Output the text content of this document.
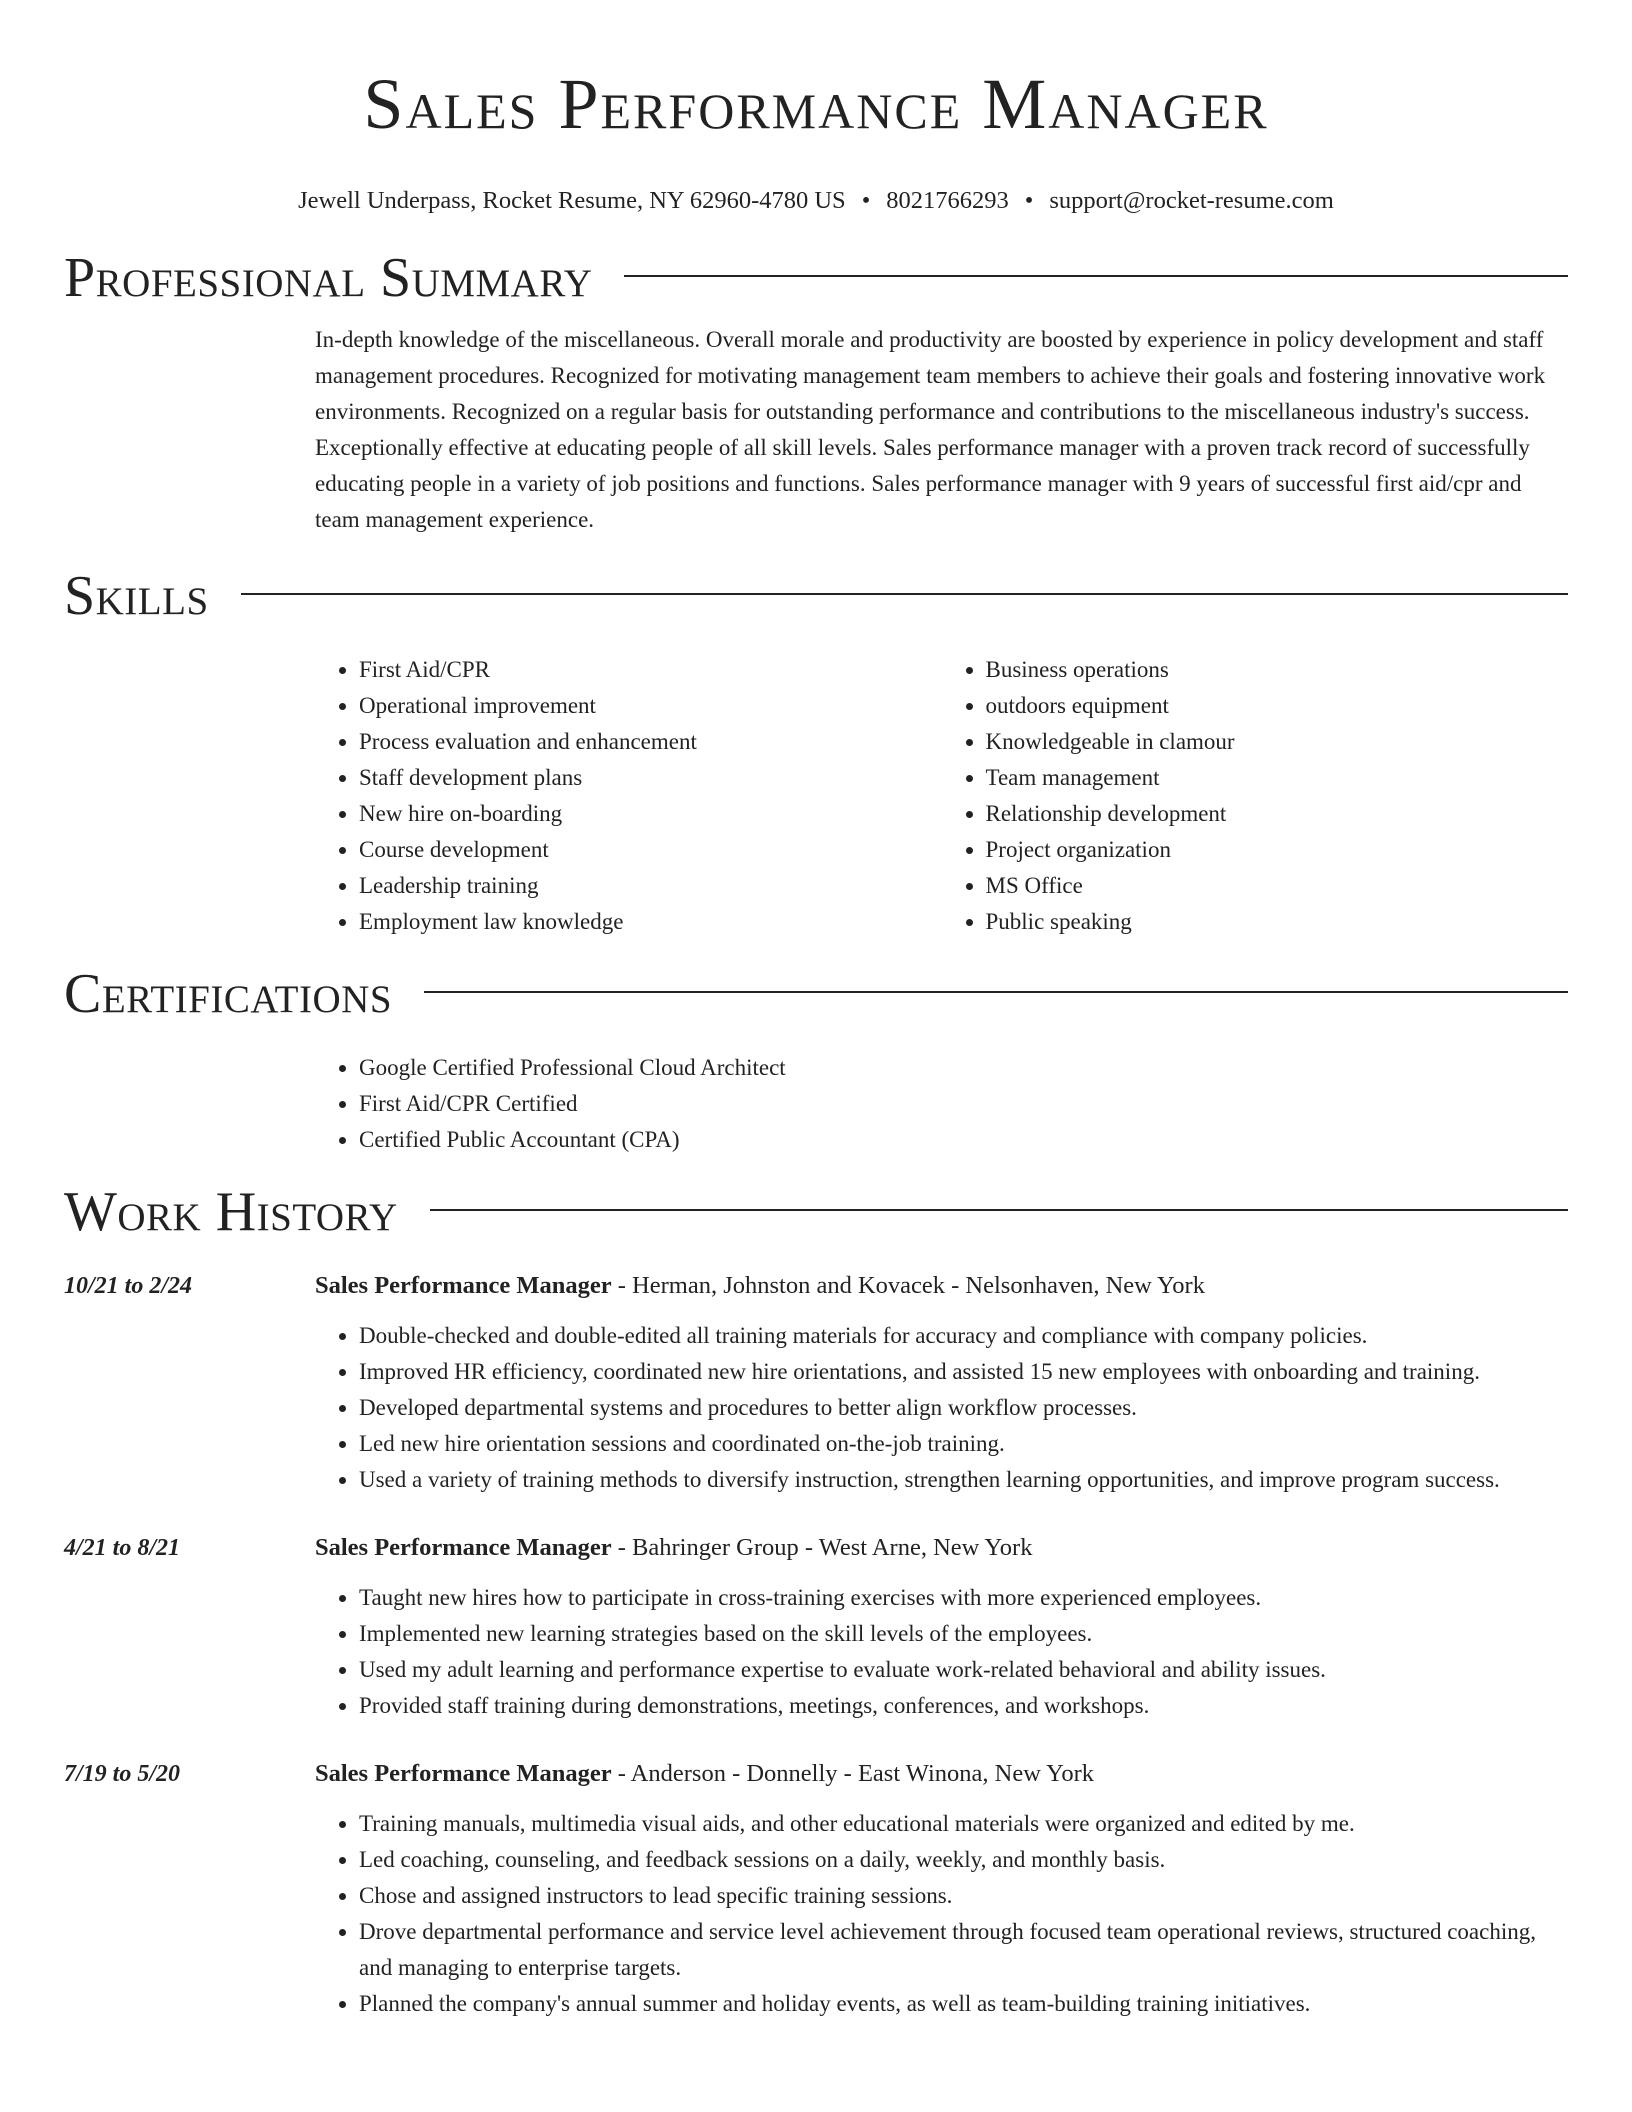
Sales Performance Manager
Jewell Underpass, Rocket Resume, NY 62960-4780 US • 8021766293 • support@rocket-resume.com
Professional Summary

In-depth knowledge of the miscellaneous. Overall morale and productivity are boosted by experience in policy development and staff management procedures. Recognized for motivating management team members to achieve their goals and fostering innovative work environments. Recognized on a regular basis for outstanding performance and contributions to the miscellaneous industry's success. Exceptionally effective at educating people of all skill levels. Sales performance manager with a proven track record of successfully educating people in a variety of job positions and functions. Sales performance manager with 9 years of successful first aid/cpr and team management experience.

Skills
• First Aid/CPR
• Operational improvement
• Process evaluation and enhancement
• Staff development plans
• New hire on-boarding
• Course development
• Leadership training
• Employment law knowledge
• Business operations
• outdoors equipment
• Knowledgeable in clamour
• Team management
• Relationship development
• Project organization
• MS Office
• Public speaking
Certifications
• Google Certified Professional Cloud Architect
• First Aid/CPR Certified
• Certified Public Accountant (CPA)
Work History
10/21 to 2/24	Sales Performance Manager - Herman, Johnston and Kovacek - Nelsonhaven, New York
• Double-checked and double-edited all training materials for accuracy and compliance with company policies.
• Improved HR efficiency, coordinated new hire orientations, and assisted 15 new employees with onboarding and training.
• Developed departmental systems and procedures to better align workflow processes.
• Led new hire orientation sessions and coordinated on-the-job training.
• Used a variety of training methods to diversify instruction, strengthen learning opportunities, and improve program success.
4/21 to 8/21	Sales Performance Manager - Bahringer Group - West Arne, New York
• Taught new hires how to participate in cross-training exercises with more experienced employees.
• Implemented new learning strategies based on the skill levels of the employees.
• Used my adult learning and performance expertise to evaluate work-related behavioral and ability issues.
• Provided staff training during demonstrations, meetings, conferences, and workshops.
7/19 to 5/20	Sales Performance Manager - Anderson - Donnelly - East Winona, New York
• Training manuals, multimedia visual aids, and other educational materials were organized and edited by me.
• Led coaching, counseling, and feedback sessions on a daily, weekly, and monthly basis.
• Chose and assigned instructors to lead specific training sessions.
• Drove departmental performance and service level achievement through focused team operational reviews, structured coaching, and managing to enterprise targets.
• Planned the company's annual summer and holiday events, as well as team-building training initiatives.
